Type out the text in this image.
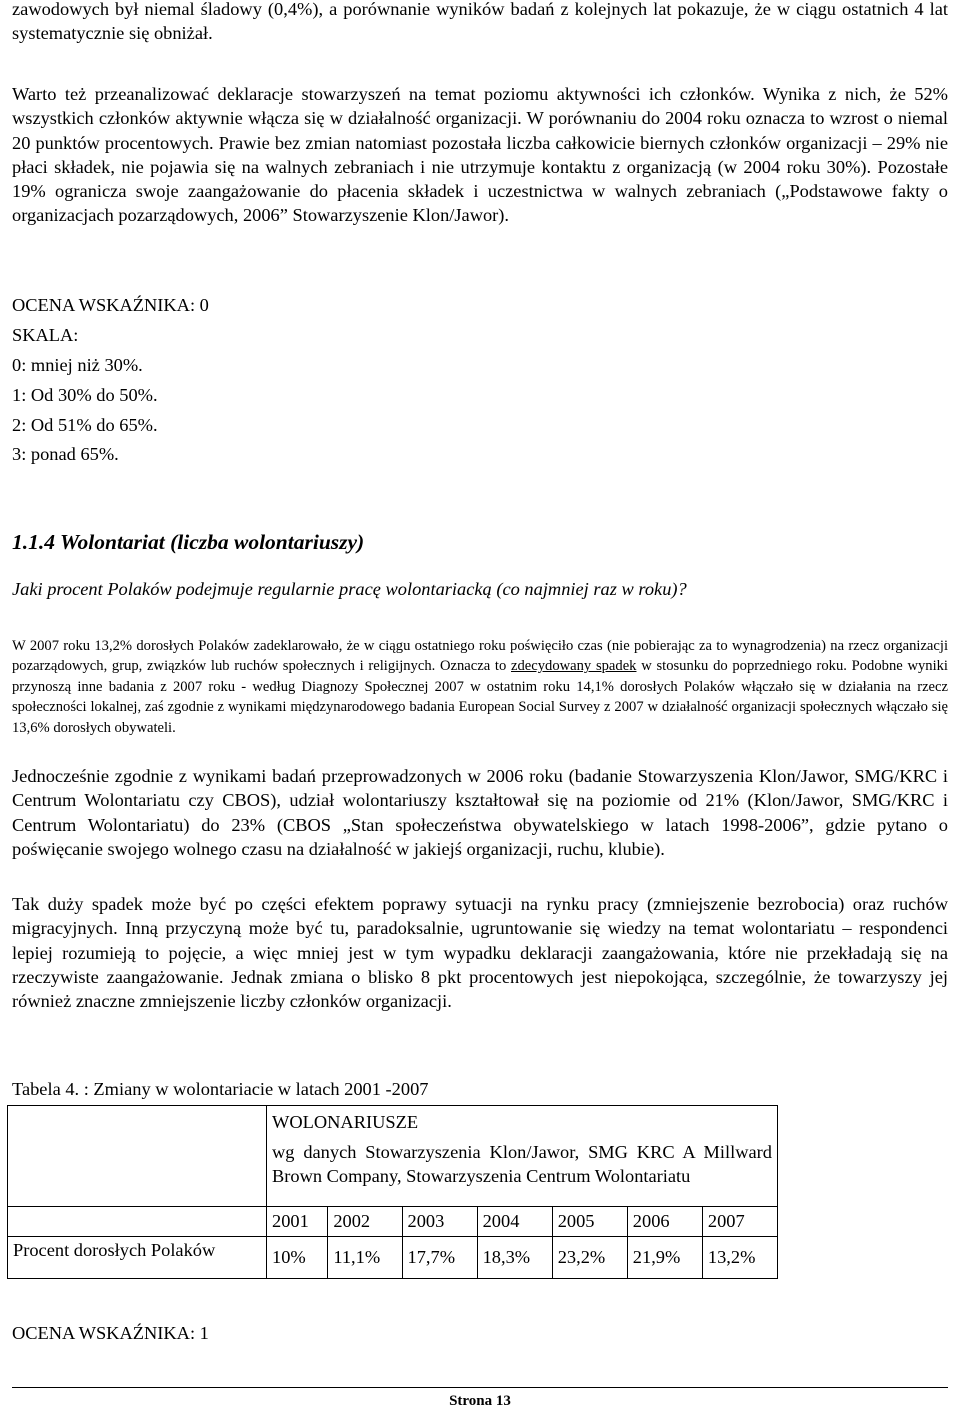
zawodowych był niemal śladowy (0,4%), a porównanie wyników badań z kolejnych lat pokazuje, że w ciągu ostatnich 4 lat systematycznie się obniżał.

Warto też przeanalizować deklaracje stowarzyszeń na temat poziomu aktywności ich członków. Wynika z nich, że 52% wszystkich członków aktywnie włącza się w działalność organizacji. W porównaniu do 2004 roku oznacza to wzrost o niemal 20 punktów procentowych. Prawie bez zmian natomiast pozostała liczba całkowicie biernych członków organizacji – 29% nie płaci składek, nie pojawia się na walnych zebraniach i nie utrzymuje kontaktu z organizacją (w 2004 roku 30%). Pozostałe 19% ogranicza swoje zaangażowanie do płacenia składek i uczestnictwa w walnych zebraniach („Podstawowe fakty o organizacjach pozarządowych, 2006” Stowarzyszenie Klon/Jawor).

OCENA WSKAŹNIKA: 0
SKALA:
0: mniej niż 30%.
1: Od 30% do 50%.
2: Od 51% do 65%.
3: ponad 65%.
1.1.4 Wolontariat (liczba wolontariuszy)
Jaki procent Polaków podejmuje regularnie pracę wolontariacką (co najmniej raz w roku)?

W 2007 roku 13,2% dorosłych Polaków zadeklarowało, że w ciągu ostatniego roku poświęciło czas (nie pobierając za to wynagrodzenia) na rzecz organizacji pozarządowych, grup, związków lub ruchów społecznych i religijnych. Oznacza to zdecydowany spadek w stosunku do poprzedniego roku. Podobne wyniki przynoszą inne badania z 2007 roku - według Diagnozy Społecznej 2007 w ostatnim roku 14,1% dorosłych Polaków włączało się w działania na rzecz społeczności lokalnej, zaś zgodnie z wynikami międzynarodowego badania European Social Survey z 2007 w działalność organizacji społecznych włączało się 13,6% dorosłych obywateli.

Jednocześnie zgodnie z wynikami badań przeprowadzonych w 2006 roku (badanie Stowarzyszenia Klon/Jawor, SMG/KRC i Centrum Wolontariatu czy CBOS), udział wolontariuszy kształtował się na poziomie od 21% (Klon/Jawor, SMG/KRC i Centrum Wolontariatu) do 23% (CBOS „Stan społeczeństwa obywatelskiego w latach 1998-2006”, gdzie pytano o poświęcanie swojego wolnego czasu na działalność w jakiejś organizacji, ruchu, klubie).

Tak duży spadek może być po części efektem poprawy sytuacji na rynku pracy (zmniejszenie bezrobocia) oraz ruchów migracyjnych. Inną przyczyną może być tu, paradoksalnie, ugruntowanie się wiedzy na temat wolontariatu – respondenci lepiej rozumieją to pojęcie, a więc mniej jest w tym wypadku deklaracji zaangażowania, które nie przekładają się na rzeczywiste zaangażowanie. Jednak zmiana o blisko 8 pkt procentowych jest niepokojąca, szczególnie, że towarzyszy jej również znaczne zmniejszenie liczby członków organizacji.

Tabela 4. : Zmiany w wolontariacie w latach 2001 -2007
OCENA WSKAŹNIKA: 1

	WOLONARIUSZE
wg danych Stowarzyszenia Klon/Jawor, SMG KRC A Millward Brown Company, Stowarzyszenia Centrum Wolontariatu						

	2001	2002	2003	2004	2005	2006	2007
Procent dorosłych Polaków	10%	11,1%	17,7%	18,3%	23,2%	21,9%	13,2%
Strona 13
